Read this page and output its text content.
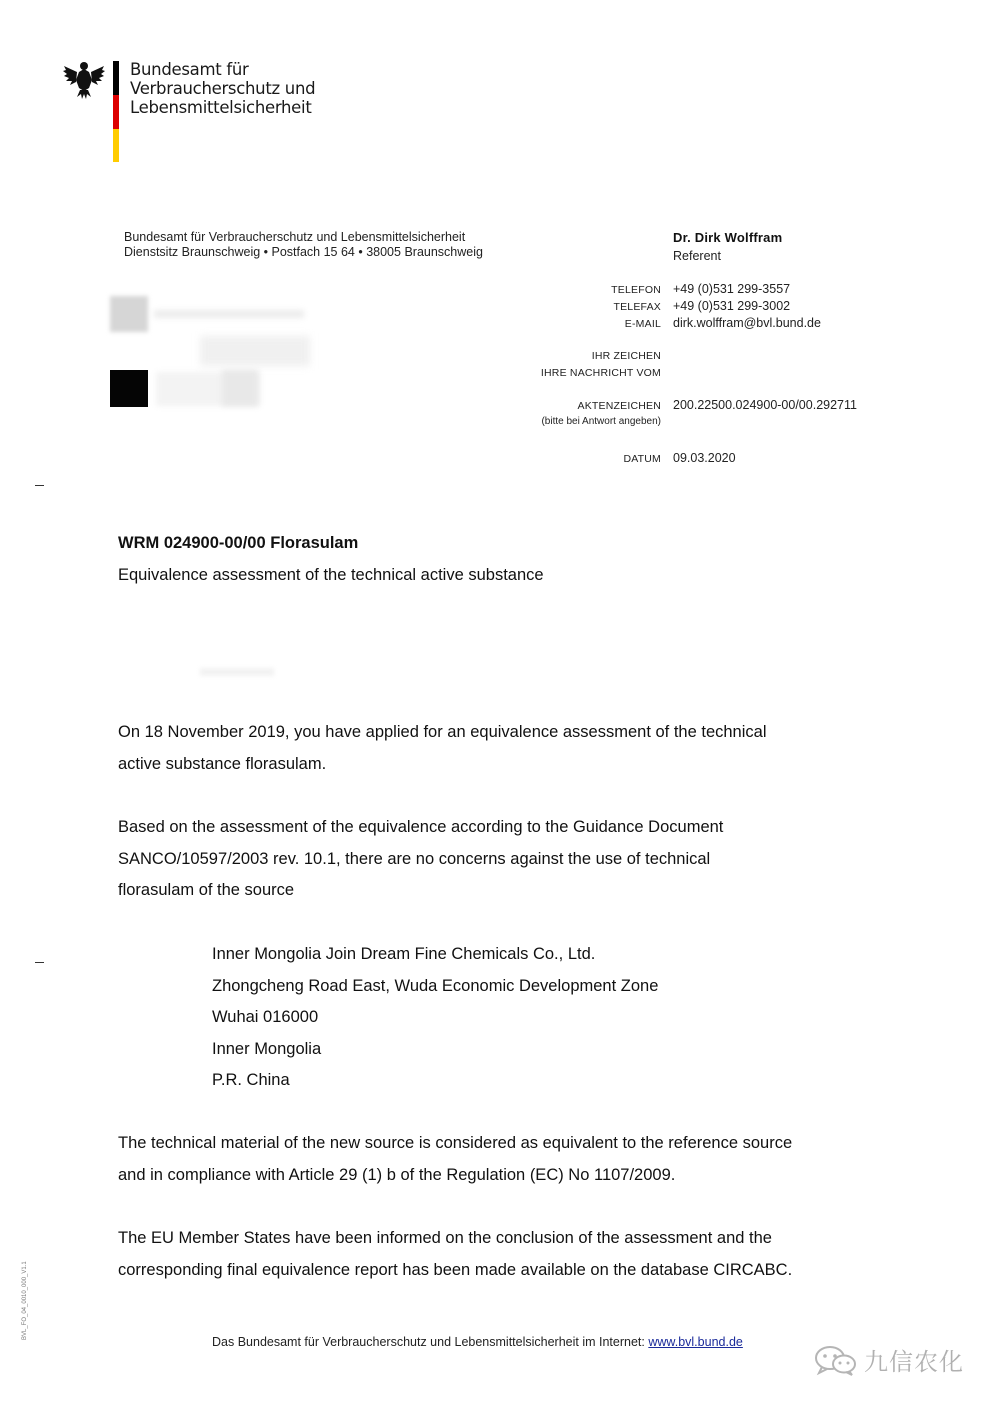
Bundesamt für
Verbraucherschutz und
Lebensmittelsicherheit
Bundesamt für Verbraucherschutz und Lebensmittelsicherheit
Dienstsitz Braunschweig • Postfach 15 64 • 38005 Braunschweig
Dr. Dirk Wolffram
Referent
TELEFON +49 (0)531 299-3557
TELEFAX +49 (0)531 299-3002
E-MAIL dirk.wolffram@bvl.bund.de
IHR ZEICHEN
IHRE NACHRICHT VOM
AKTENZEICHEN 200.22500.024900-00/00.292711
(bitte bei Antwort angeben)
DATUM 09.03.2020
WRM 024900-00/00 Florasulam
Equivalence assessment of the technical active substance
On 18 November 2019, you have applied for an equivalence assessment of the technical
active substance florasulam.
Based on the assessment of the equivalence according to the Guidance Document
SANCO/10597/2003 rev. 10.1, there are no concerns against the use of technical
florasulam of the source
Inner Mongolia Join Dream Fine Chemicals Co., Ltd.
Zhongcheng Road East, Wuda Economic Development Zone
Wuhai 016000
Inner Mongolia
P.R. China
The technical material of the new source is considered as equivalent to the reference source
and in compliance with Article 29 (1) b of the Regulation (EC) No 1107/2009.
The EU Member States have been informed on the conclusion of the assessment and the
corresponding final equivalence report has been made available on the database CIRCABC.
BVL_FO_04_0010_000_V1.1
Das Bundesamt für Verbraucherschutz und Lebensmittelsicherheit im Internet: www.bvl.bund.de
九信农化
